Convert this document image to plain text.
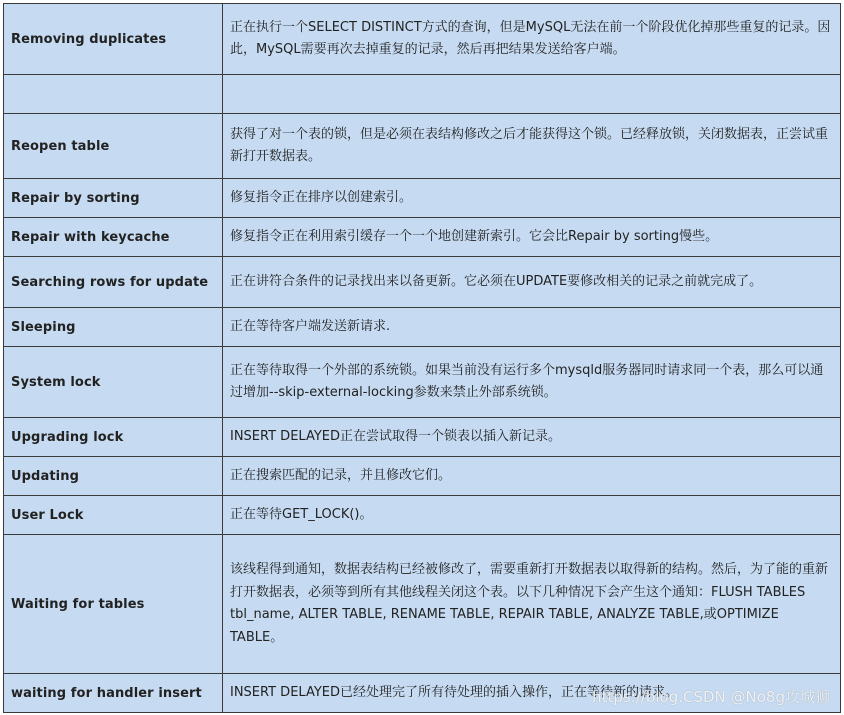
Removing duplicates	正在执行一个SELECT DISTINCT方式的查询，但是MySQL无法在前一个阶段优化掉那些重复的记录。因此，MySQL需要再次去掉重复的记录，然后再把结果发送给客户端。

Reopen table	获得了对一个表的锁，但是必须在表结构修改之后才能获得这个锁。已经释放锁，关闭数据表，正尝试重新打开数据表。
Repair by sorting	修复指令正在排序以创建索引。
Repair with keycache	修复指令正在利用索引缓存一个一个地创建新索引。它会比Repair by sorting慢些。
Searching rows for update	正在讲符合条件的记录找出来以备更新。它必须在UPDATE要修改相关的记录之前就完成了。
Sleeping	正在等待客户端发送新请求.
System lock	正在等待取得一个外部的系统锁。如果当前没有运行多个mysqld服务器同时请求同一个表，那么可以通过增加--skip-external-locking参数来禁止外部系统锁。
Upgrading lock	INSERT DELAYED正在尝试取得一个锁表以插入新记录。
Updating	正在搜索匹配的记录，并且修改它们。
User Lock	正在等待GET_LOCK()。
Waiting for tables	该线程得到通知，数据表结构已经被修改了，需要重新打开数据表以取得新的结构。然后，为了能的重新打开数据表，必须等到所有其他线程关闭这个表。以下几种情况下会产生这个通知：FLUSH TABLES tbl_name, ALTER TABLE, RENAME TABLE, REPAIR TABLE, ANALYZE TABLE,或OPTIMIZE TABLE。
waiting for handler insert	INSERT DELAYED已经处理完了所有待处理的插入操作，正在等待新的请求。
https://blog.CSDN @No8g攻城狮
